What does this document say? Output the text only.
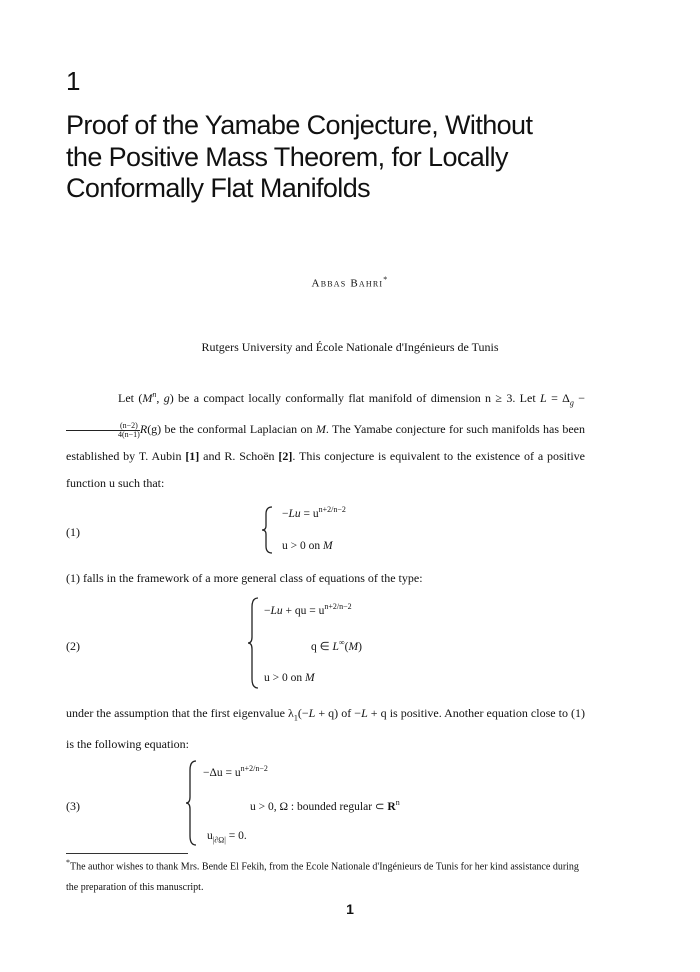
1
Proof of the Yamabe Conjecture, Without the Positive Mass Theorem, for Locally Conformally Flat Manifolds
Abbas Bahri*
Rutgers University and École Nationale d'Ingénieurs de Tunis
Let ($M^n$, g) be a compact locally conformally flat manifold of dimension n ≥ 3. Let $L = \Delta_g$ −
$\frac{(n-2)}{4(n-1)} R(g)$ be the conformal Laplacian on M. The Yamabe conjecture for such manifolds has been established by T. Aubin [1] and R. Schoën [2]. This conjecture is equivalent to the existence of a positive function u such that:
(1)
$-Lu = u^{n+2/n-2}$
u > 0 on M
(1) falls in the framework of a more general class of equations of the type:
(2)
−Lu + qu = $u^{n+2/n-2}$
q ∈ L∞(M)
u > 0 on M
under the assumption that the first eigenvalue $\lambda_1(-L + q)$ of −L + q is positive. Another equation close to (1) is the following equation:
(3)
$-\Delta u = u^{n+2/n-2}$
u > 0, Ω : bounded regular ⊂ $R^n$
$u_{|\partial\Omega|} = 0$.
*The author wishes to thank Mrs. Bende El Fekih, from the Ecole Nationale d'Ingénieurs de Tunis for her kind assistance during the preparation of this manuscript.
1
